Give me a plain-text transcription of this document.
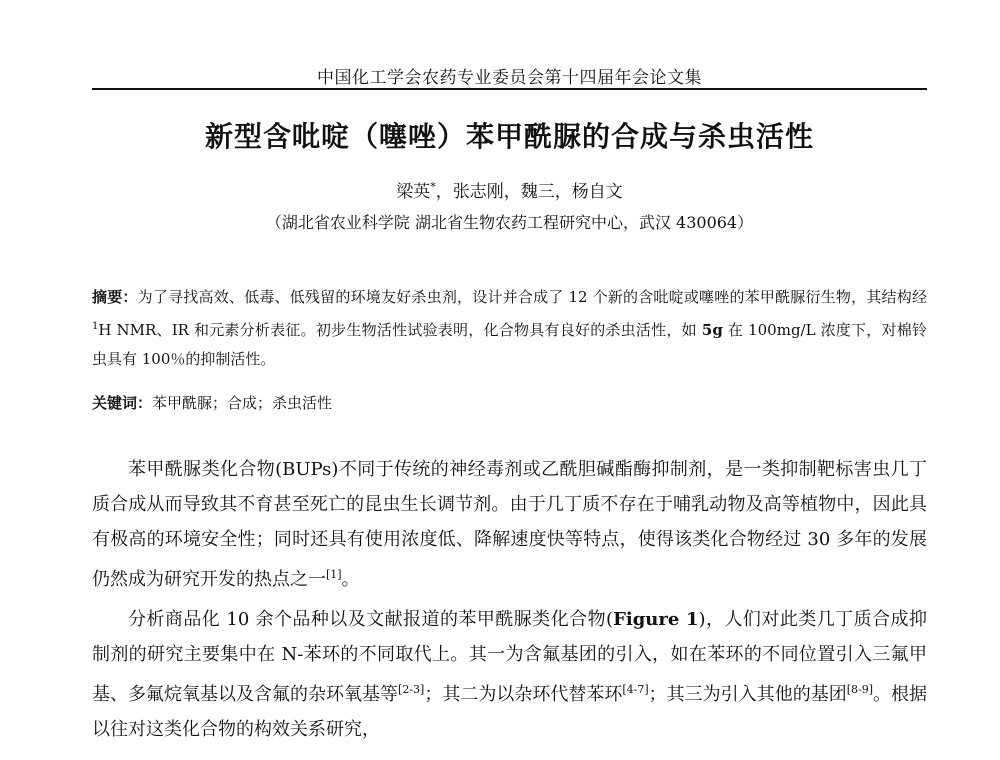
中国化工学会农药专业委员会第十四届年会论文集
新型含吡啶（噻唑）苯甲酰脲的合成与杀虫活性
梁英*，张志刚，魏三，杨自文
（湖北省农业科学院 湖北省生物农药工程研究中心，武汉 430064）
摘要：为了寻找高效、低毒、低残留的环境友好杀虫剂，设计并合成了 12 个新的含吡啶或噻唑的苯甲酰脲衍生物，其结构经 $^1$H NMR、IR 和元素分析表征。初步生物活性试验表明，化合物具有良好的杀虫活性，如 5g 在 100mg/L 浓度下，对棉铃虫具有 100％的抑制活性。
关键词：苯甲酰脲；合成；杀虫活性

苯甲酰脲类化合物(BUPs)不同于传统的神经毒剂或乙酰胆碱酯酶抑制剂，是一类抑制靶标害虫几丁质合成从而导致其不育甚至死亡的昆虫生长调节剂。由于几丁质不存在于哺乳动物及高等植物中，因此具有极高的环境安全性；同时还具有使用浓度低、降解速度快等特点，使得该类化合物经过 30 多年的发展仍然成为研究开发的热点之一[1]。

分析商品化 10 余个品种以及文献报道的苯甲酰脲类化合物(Figure 1)，人们对此类几丁质合成抑制剂的研究主要集中在 N-苯环的不同取代上。其一为含氟基团的引入，如在苯环的不同位置引入三氟甲基、多氟烷氧基以及含氟的杂环氧基等[2-3]；其二为以杂环代替苯环[4-7]；其三为引入其他的基团[8-9]。根据以往对这类化合物的构效关系研究，
